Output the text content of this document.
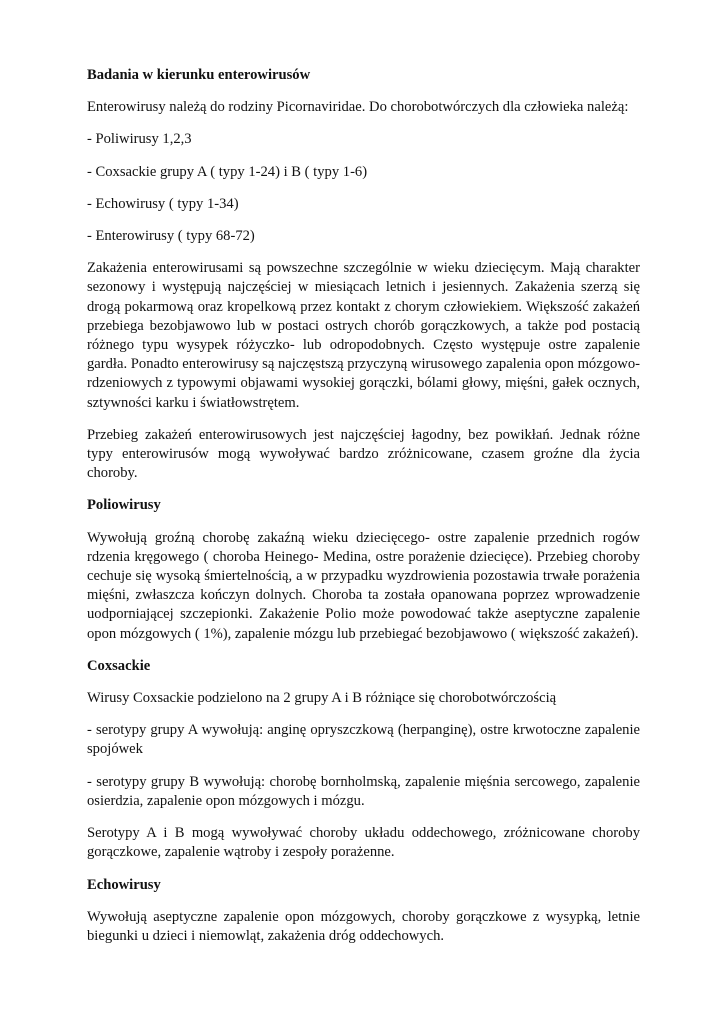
Badania w kierunku enterowirusów

Enterowirusy należą do rodziny Picornaviridae. Do chorobotwórczych dla człowieka należą:

- Poliwirusy 1,2,3

- Coxsackie grupy A ( typy 1-24) i B ( typy 1-6)

- Echowirusy ( typy 1-34)

- Enterowirusy ( typy 68-72)

Zakażenia enterowirusami są powszechne szczególnie w wieku dziecięcym. Mają charakter sezonowy i występują najczęściej w miesiącach letnich i jesiennych. Zakażenia szerzą się drogą pokarmową oraz kropelkową przez kontakt z chorym człowiekiem. Większość zakażeń przebiega bezobjawowo lub w postaci ostrych chorób gorączkowych, a także pod postacią różnego typu wysypek różyczko- lub odropodobnych. Często występuje ostre zapalenie gardła. Ponadto enterowirusy są najczęstszą przyczyną wirusowego zapalenia opon mózgowo-rdzeniowych z typowymi objawami wysokiej gorączki, bólami głowy, mięśni, gałek ocznych, sztywności karku i światłowstrętem.

Przebieg zakażeń enterowirusowych jest najczęściej łagodny, bez powikłań. Jednak różne typy enterowirusów mogą wywoływać bardzo zróżnicowane, czasem groźne dla życia choroby.

Poliowirusy

Wywołują groźną chorobę zakaźną wieku dziecięcego- ostre zapalenie przednich rogów rdzenia kręgowego ( choroba Heinego- Medina, ostre porażenie dziecięce). Przebieg choroby cechuje się wysoką śmiertelnością, a w przypadku wyzdrowienia pozostawia trwałe porażenia mięśni, zwłaszcza kończyn dolnych. Choroba ta została opanowana poprzez wprowadzenie uodporniającej szczepionki. Zakażenie Polio może powodować także aseptyczne zapalenie opon mózgowych ( 1%), zapalenie mózgu lub przebiegać bezobjawowo ( większość zakażeń).

Coxsackie

Wirusy Coxsackie podzielono na 2 grupy A i B różniące się chorobotwórczością

- serotypy grupy A wywołują: anginę opryszczkową (herpanginę), ostre krwotoczne zapalenie spojówek

- serotypy grupy B wywołują: chorobę bornholmską, zapalenie mięśnia sercowego, zapalenie osierdzia, zapalenie opon mózgowych i mózgu.

Serotypy A i B mogą wywoływać choroby układu oddechowego, zróżnicowane choroby gorączkowe, zapalenie wątroby i zespoły porażenne.

Echowirusy

Wywołują aseptyczne zapalenie opon mózgowych, choroby gorączkowe z wysypką, letnie biegunki u dzieci i niemowląt, zakażenia dróg oddechowych.
